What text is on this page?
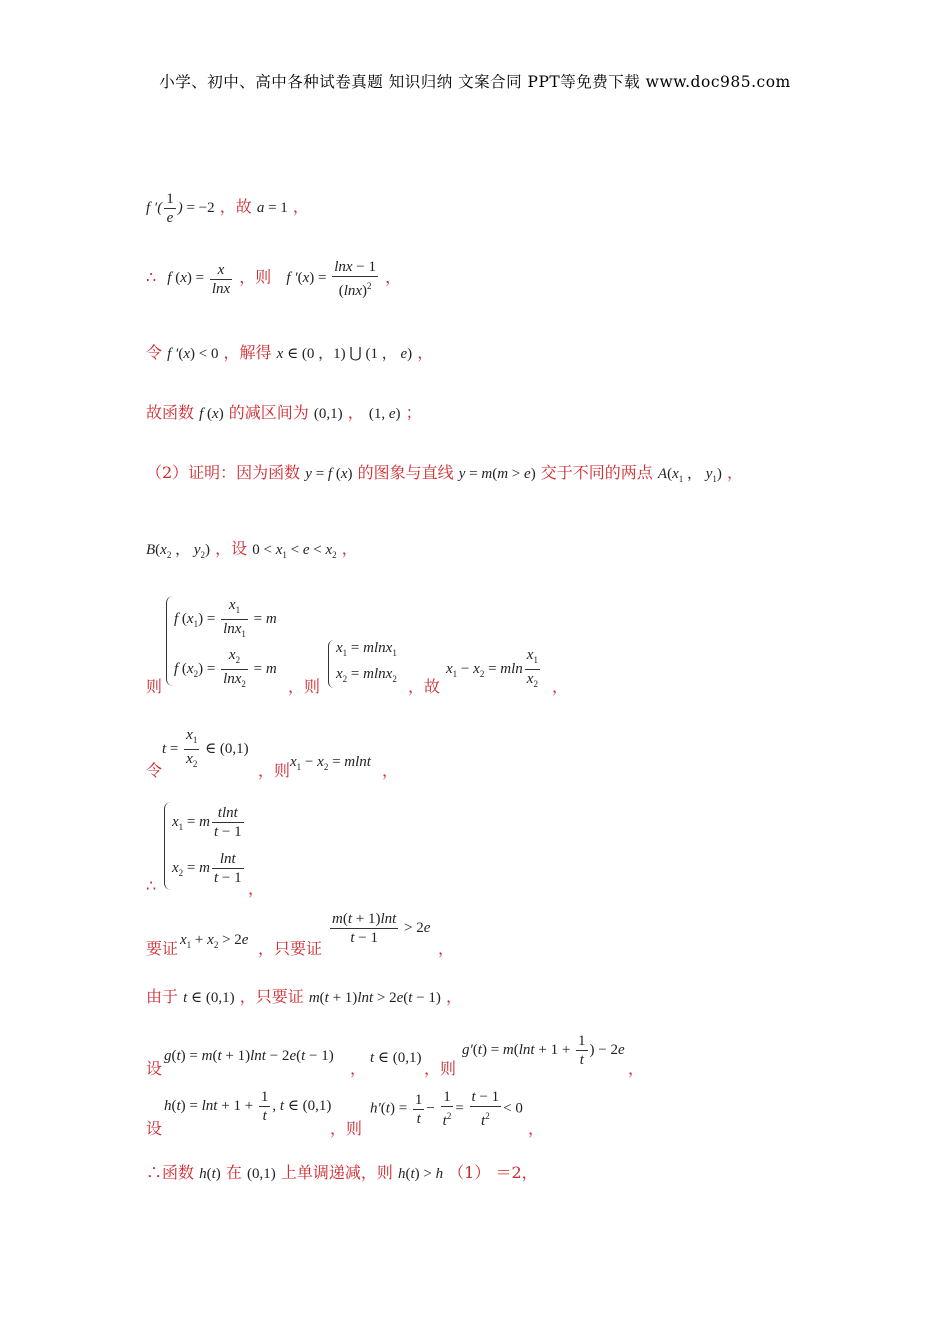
小学、初中、高中各种试卷真题 知识归纳 文案合同 PPT等免费下载 www.doc985.com
f ′( $\frac{1}{e}$ ) = −2 ，故 a = 1 ，
∴ f $(x) = \frac{x}{\ln x}$ ，则 f $'(x) = \frac{\ln x - 1}{(\ln x)^2}$ ，
令 f ′(x) < 0 ，解得 x ∈ (0 ，1) ⋃ (1 ， e) ，
故函数 f (x) 的减区间为 (0,1) ， (1, e) ；
（2）证明：因为函数 y = f (x) 的图象与直线 y = m(m > e) 交于不同的两点 $A(x_1$ ， $y_1$) ，
$B(x_2$ ， $y_2$) ，设 $0 < x_1 < e < x_2$ ，
则
f $(x_1) = \frac{x_1}{\ln x_1} = m$
f $(x_2) = \frac{x_2}{\ln x_2} = m$
，则
$x_1 = mlnx_1$
$x_2 = mlnx_2$ ，故
$x_1 - x_2 = mln \frac{x_1}{x_2}$ ，
令
$t = \frac{x_1}{x_2}$ ∈ (0,1)
，则 $x_1 - x_2 = mlnt$ ，
∴
$x_1 = m \frac{tlnt}{t - 1}$
$x_2 = m \frac{\ln t}{t - 1}$
，
要证 $x_1 + x_2 > 2e$ ，只要证
$\frac{m(t + 1)\ln t}{t - 1} > 2e$
，
由于 t ∈ (0,1) ，只要证 m(t + 1)lnt > 2e(t − 1) ，
设
g(t) = m(t + 1)lnt − 2e(t − 1)
，
t ∈ (0,1)
，则
$g'(t) = m(\ln t + 1 + \frac{1}{t}$ ) − 2e
，
设
$h(t) = \ln t + 1 + \frac{1}{t}$ , t ∈ (0,1)
，则
$h'(t) = \frac{1}{t} - \frac{1}{t^2} = \frac{t - 1}{t^2} < 0$
，
∴函数 h(t) 在 (0,1) 上单调递减，则 h(t) > h （1） ＝2，
